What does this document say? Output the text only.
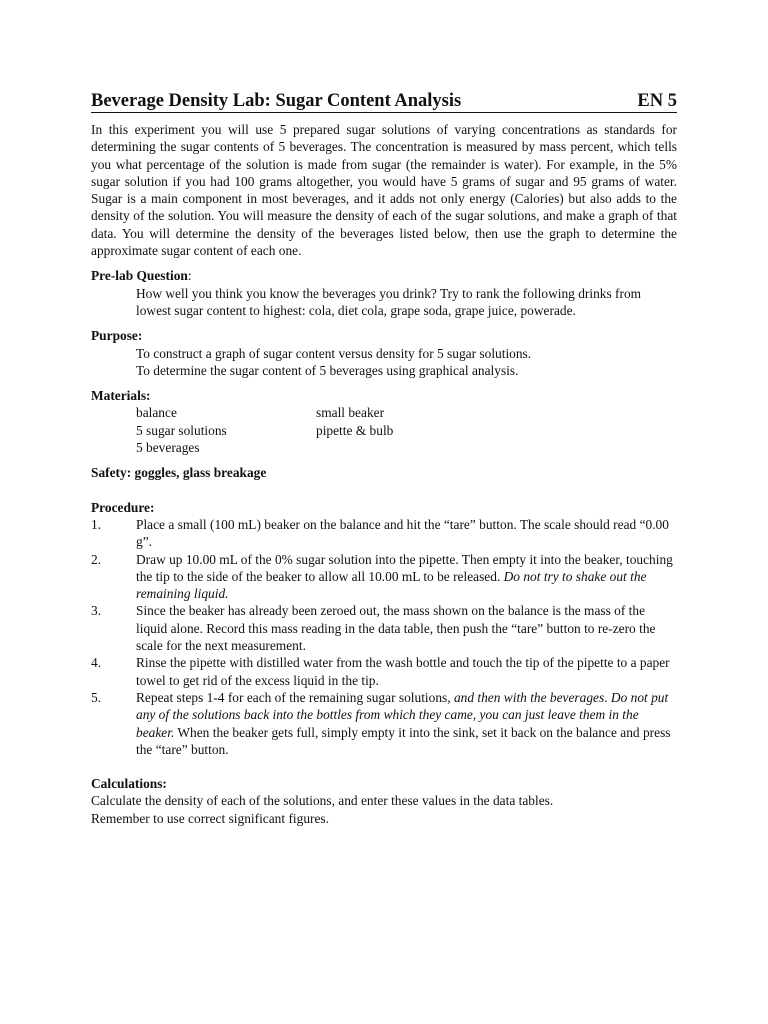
Beverage Density Lab: Sugar Content Analysis	EN 5

In this experiment you will use 5 prepared sugar solutions of varying concentrations as standards for determining the sugar contents of 5 beverages. The concentration is measured by mass percent, which tells you what percentage of the solution is made from sugar (the remainder is water). For example, in the 5% sugar solution if you had 100 grams altogether, you would have 5 grams of sugar and 95 grams of water. Sugar is a main component in most beverages, and it adds not only energy (Calories) but also adds to the density of the solution. You will measure the density of each of the sugar solutions, and make a graph of that data. You will determine the density of the beverages listed below, then use the graph to determine the approximate sugar content of each one.

Pre-lab Question:

How well you think you know the beverages you drink? Try to rank the following drinks from lowest sugar content to highest: cola, diet cola, grape soda, grape juice, powerade.

Purpose:

To construct a graph of sugar content versus density for 5 sugar solutions.

To determine the sugar content of 5 beverages using graphical analysis.

Materials:

balance	small beaker
5 sugar solutions	pipette & bulb
5 beverages

Safety: goggles, glass breakage

Procedure:

1.	Place a small (100 mL) beaker on the balance and hit the “tare” button. The scale should read “0.00 g”.
2.	Draw up 10.00 mL of the 0% sugar solution into the pipette. Then empty it into the beaker, touching the tip to the side of the beaker to allow all 10.00 mL to be released. Do not try to shake out the remaining liquid.
3.	Since the beaker has already been zeroed out, the mass shown on the balance is the mass of the liquid alone. Record this mass reading in the data table, then push the “tare” button to re-zero the scale for the next measurement.
4.	Rinse the pipette with distilled water from the wash bottle and touch the tip of the pipette to a paper towel to get rid of the excess liquid in the tip.
5.	Repeat steps 1-4 for each of the remaining sugar solutions, and then with the beverages. Do not put any of the solutions back into the bottles from which they came, you can just leave them in the beaker. When the beaker gets full, simply empty it into the sink, set it back on the balance and press the “tare” button.

Calculations:

Calculate the density of each of the solutions, and enter these values in the data tables.

Remember to use correct significant figures.
